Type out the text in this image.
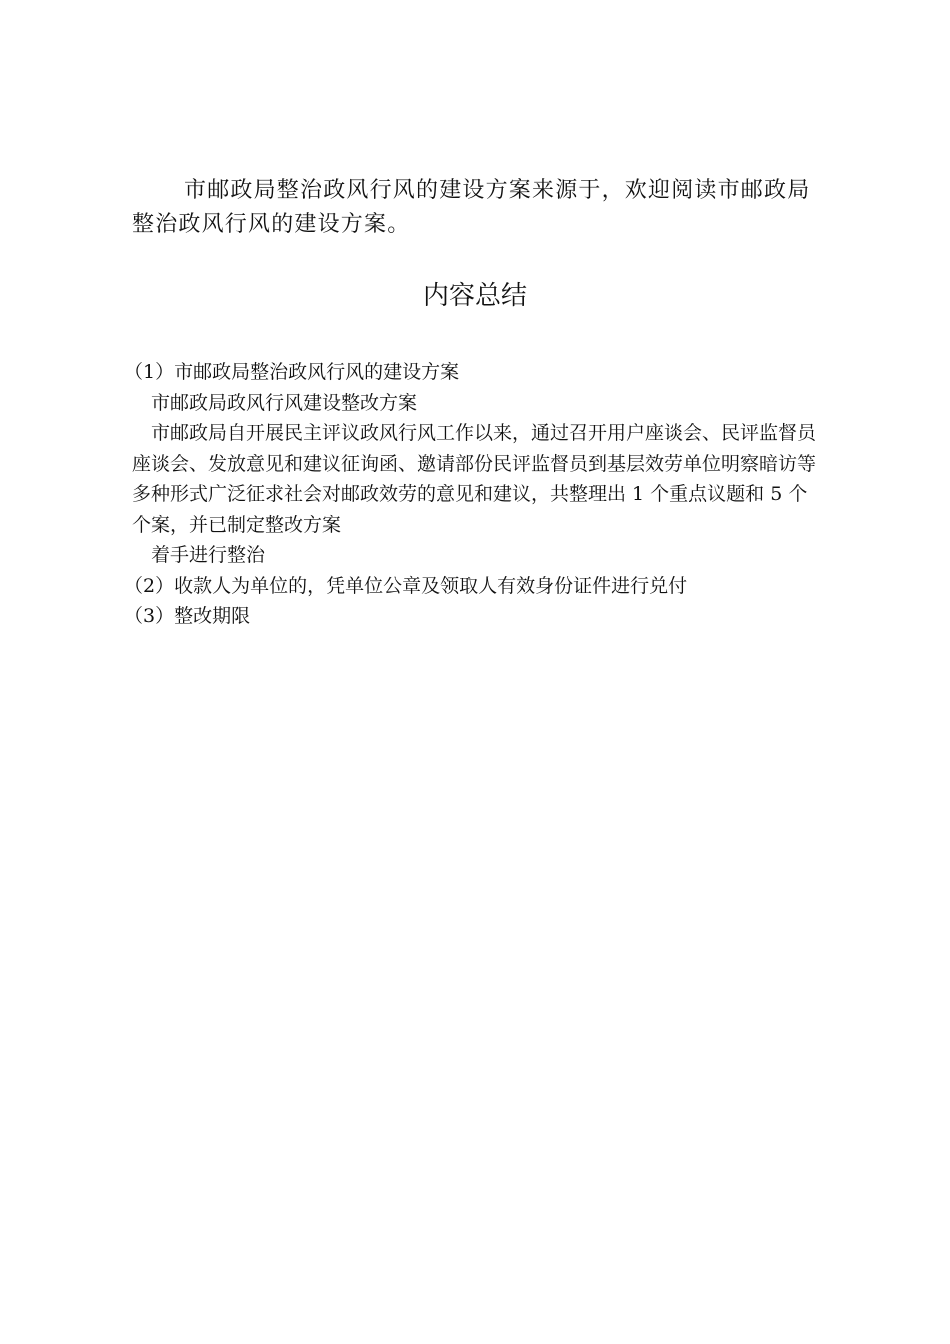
市邮政局整治政风行风的建设方案来源于，欢迎阅读市邮政局整治政风行风的建设方案。

内容总结

（1）市邮政局整治政风行风的建设方案

市邮政局政风行风建设整改方案

市邮政局自开展民主评议政风行风工作以来，通过召开用户座谈会、民评监督员座谈会、发放意见和建议征询函、邀请部份民评监督员到基层效劳单位明察暗访等多种形式广泛征求社会对邮政效劳的意见和建议，共整理出 1 个重点议题和 5 个个案，并已制定整改方案

着手进行整治

（2）收款人为单位的，凭单位公章及领取人有效身份证件进行兑付

（3）整改期限
